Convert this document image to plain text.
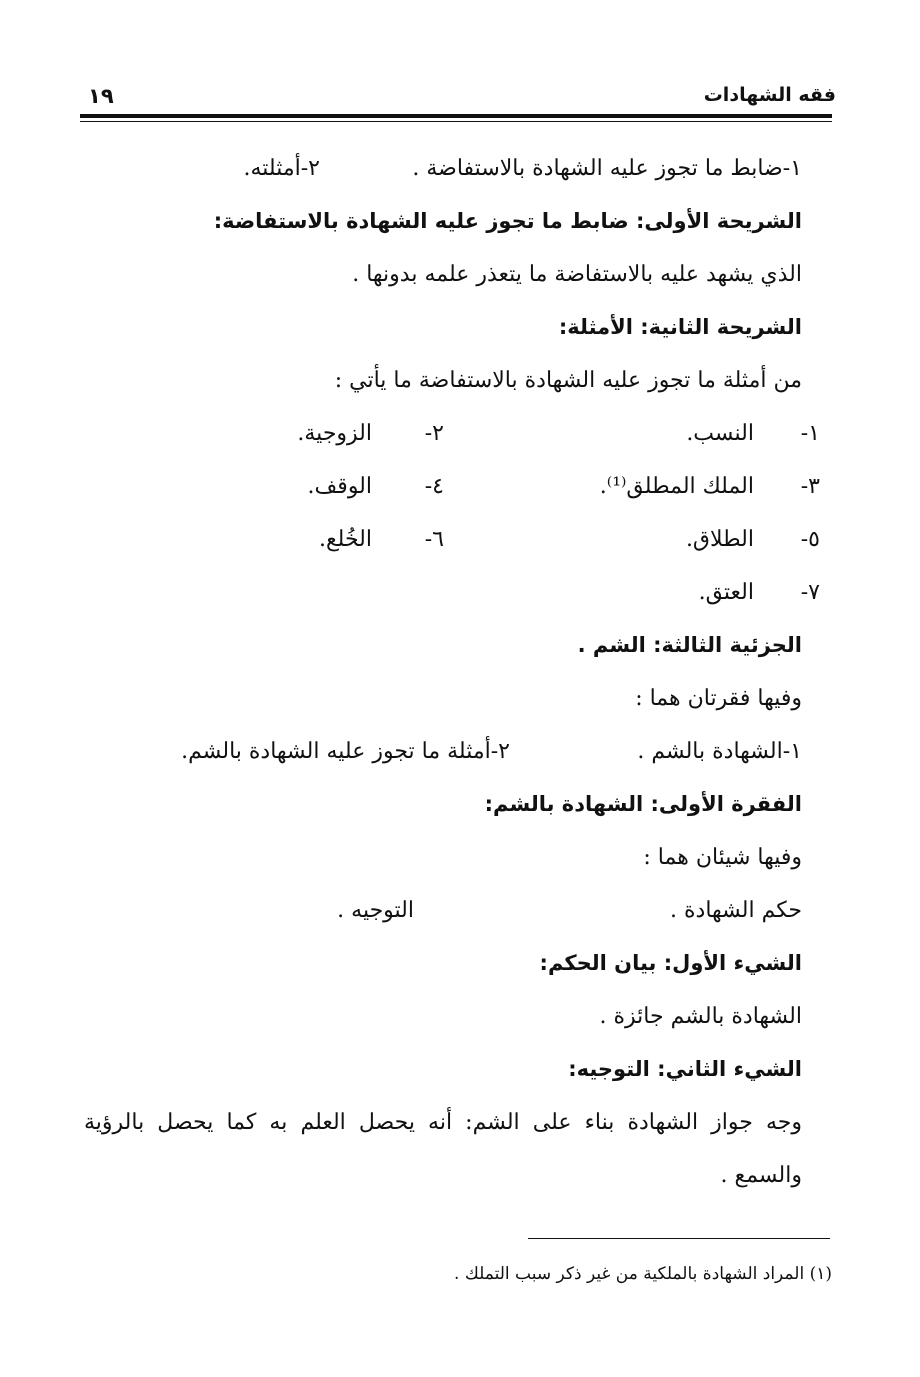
فقه الشهادات
١٩
١-ضابط ما تجوز عليه الشهادة بالاستفاضة .
٢-أمثلته.
الشريحة الأولى: ضابط ما تجوز عليه الشهادة بالاستفاضة:
الذي يشهد عليه بالاستفاضة ما يتعذر علمه بدونها .
الشريحة الثانية: الأمثلة:
من أمثلة ما تجوز عليه الشهادة بالاستفاضة ما يأتي :
١-
النسب.
٢-
الزوجية.
٣-
الملك المطلق⁽¹⁾.
٤-
الوقف.
٥-
الطلاق.
٦-
الخُلع.
٧-
العتق.
الجزئية الثالثة: الشم .
وفيها فقرتان هما :
١-الشهادة بالشم .
٢-أمثلة ما تجوز عليه الشهادة بالشم.
الفقرة الأولى: الشهادة بالشم:
وفيها شيئان هما :
حكم الشهادة .
التوجيه .
الشيء الأول: بيان الحكم:
الشهادة بالشم جائزة .
الشيء الثاني: التوجيه:
وجه جواز الشهادة بناء على الشم: أنه يحصل العلم به كما يحصل بالرؤية
والسمع .
(١) المراد الشهادة بالملكية من غير ذكر سبب التملك .
